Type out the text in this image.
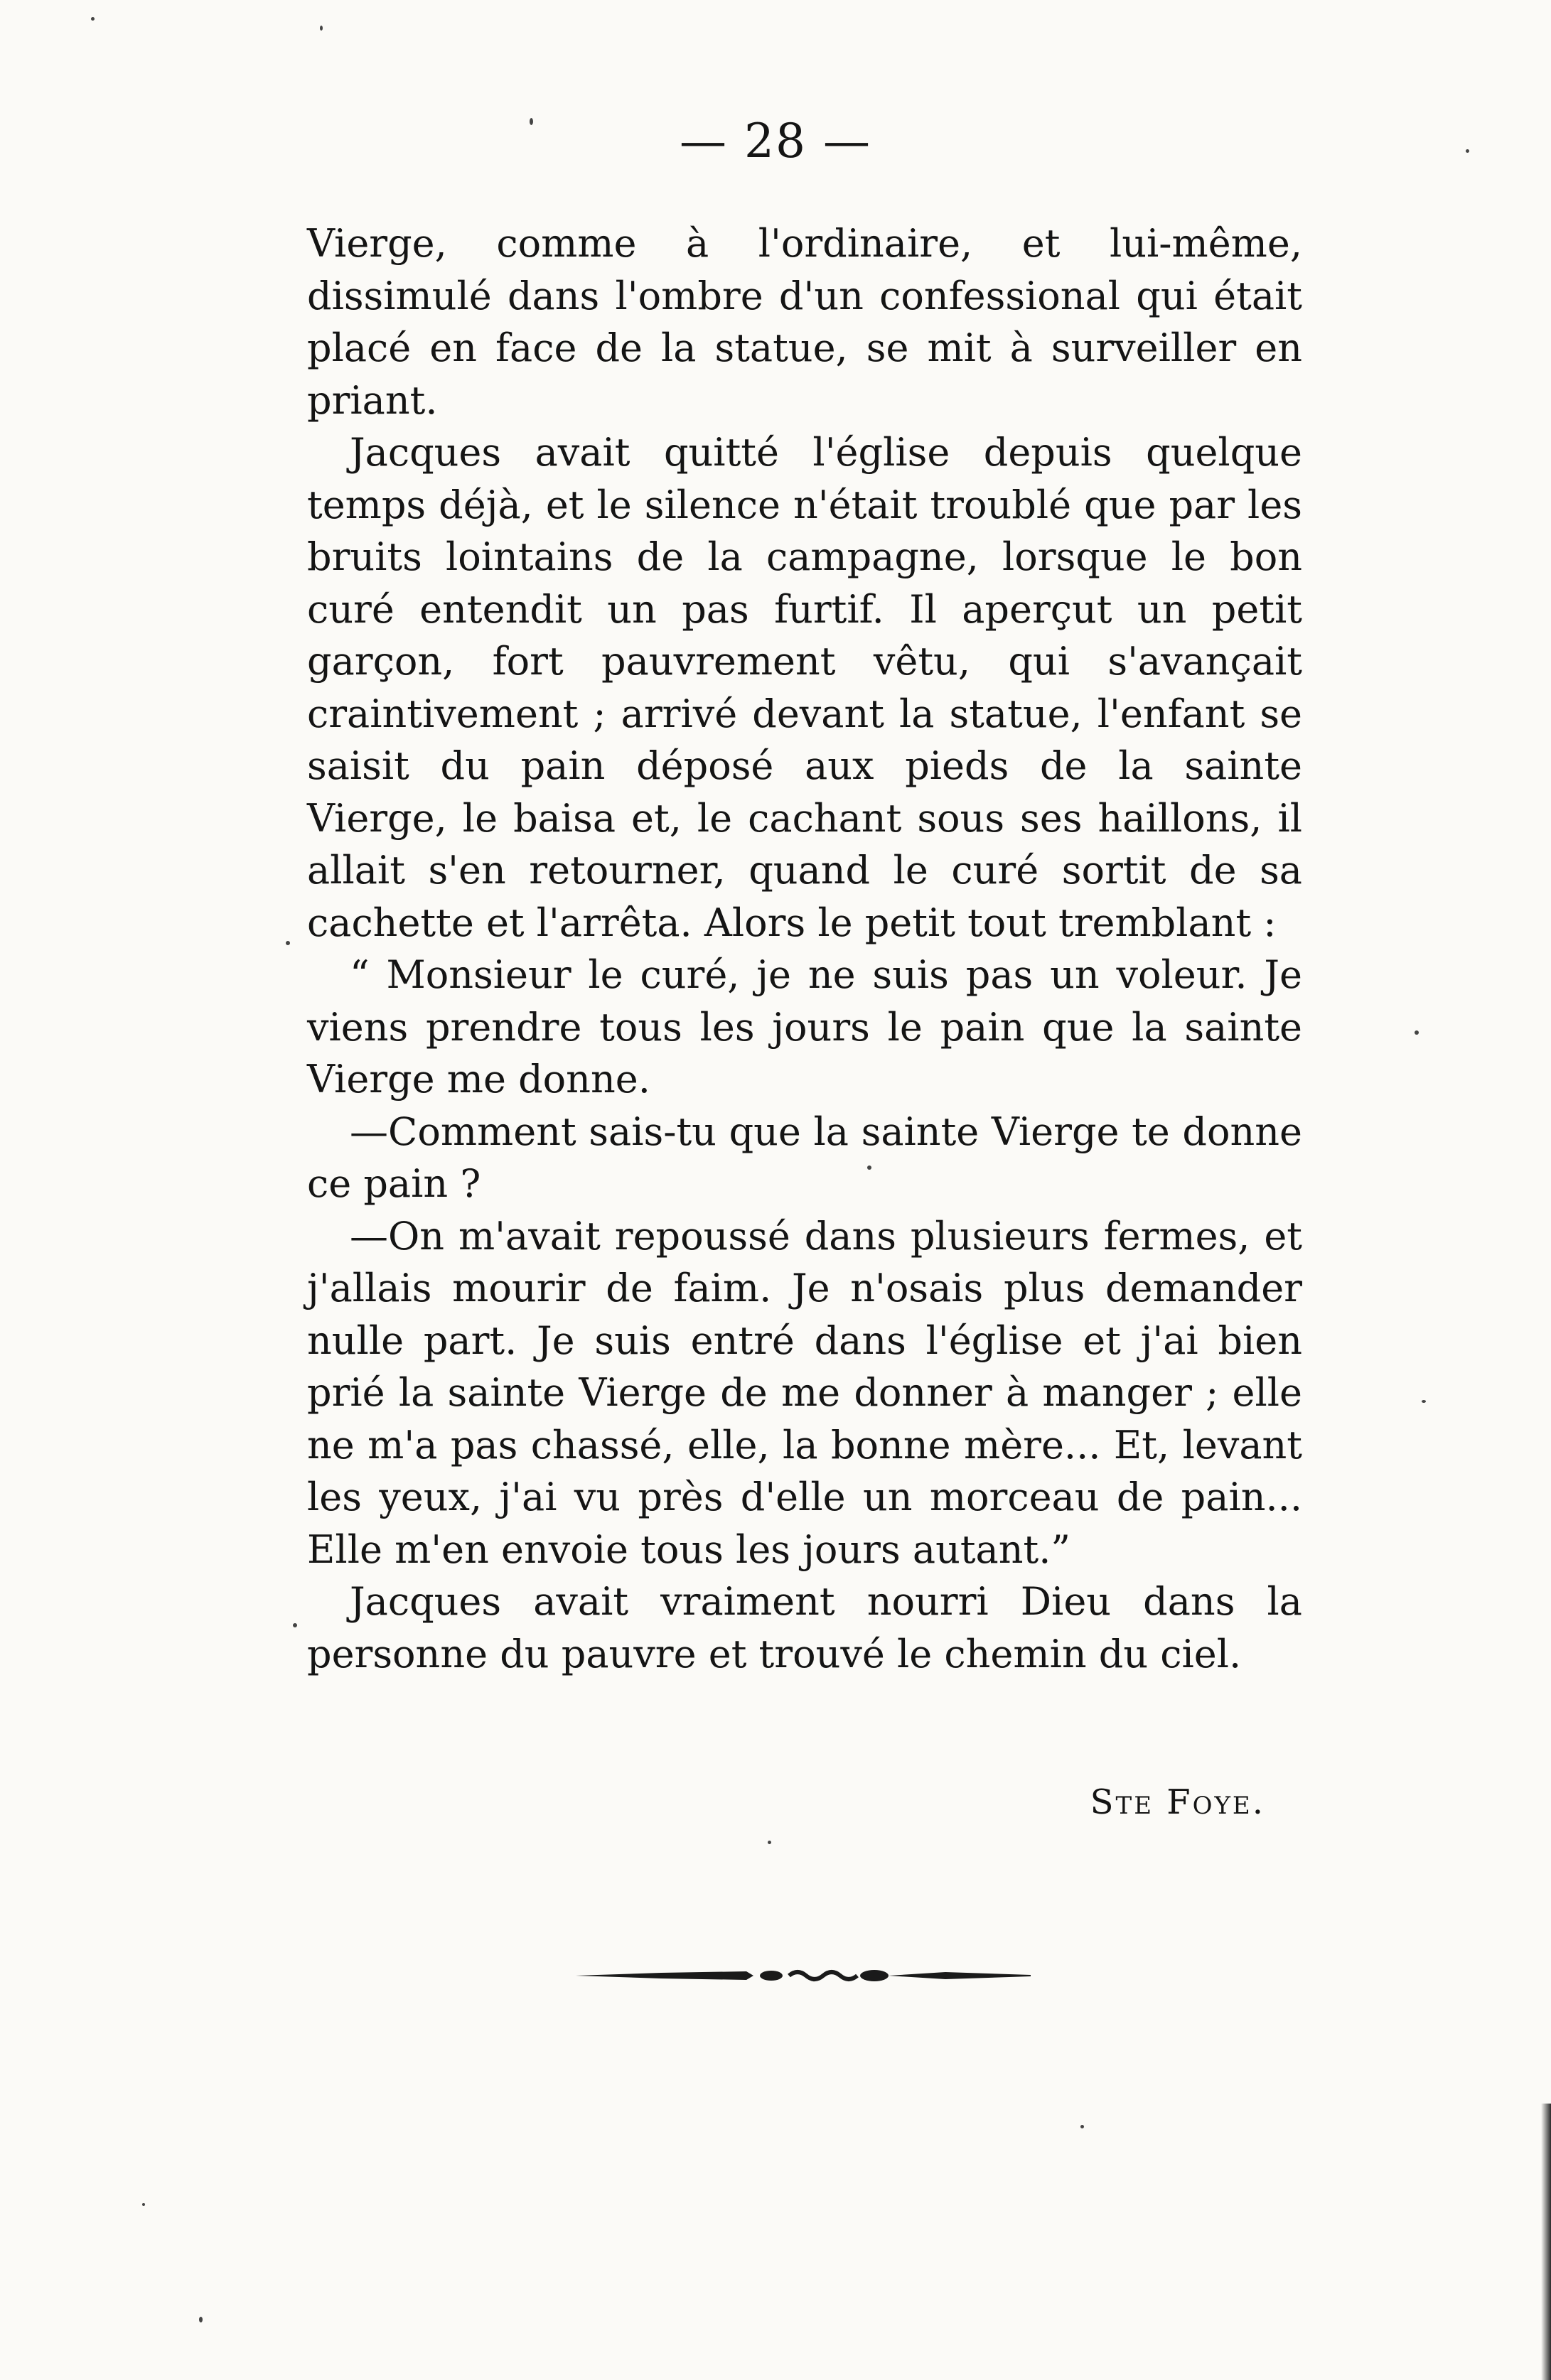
— 28 —

Vierge, comme à l'ordinaire, et lui-même, dissimulé dans l'ombre d'un confessional qui était placé en face de la statue, se mit à surveiller en priant.

Jacques avait quitté l'église depuis quelque temps déjà, et le silence n'était troublé que par les bruits lointains de la campagne, lorsque le bon curé entendit un pas furtif. Il aperçut un petit garçon, fort pauvrement vêtu, qui s'avançait craintivement ; arrivé devant la statue, l'enfant se saisit du pain déposé aux pieds de la sainte Vierge, le baisa et, le cachant sous ses haillons, il allait s'en retourner, quand le curé sortit de sa cachette et l'arrêta. Alors le petit tout tremblant :

“ Monsieur le curé, je ne suis pas un voleur. Je viens prendre tous les jours le pain que la sainte Vierge me donne.

—Comment sais-tu que la sainte Vierge te donne ce pain ?

—On m'avait repoussé dans plusieurs fermes, et j'allais mourir de faim. Je n'osais plus demander nulle part. Je suis entré dans l'église et j'ai bien prié la sainte Vierge de me donner à manger ; elle ne m'a pas chassé, elle, la bonne mère... Et, levant les yeux, j'ai vu près d'elle un morceau de pain... Elle m'en envoie tous les jours autant.”

Jacques avait vraiment nourri Dieu dans la personne du pauvre et trouvé le chemin du ciel.

Ste Foye.
